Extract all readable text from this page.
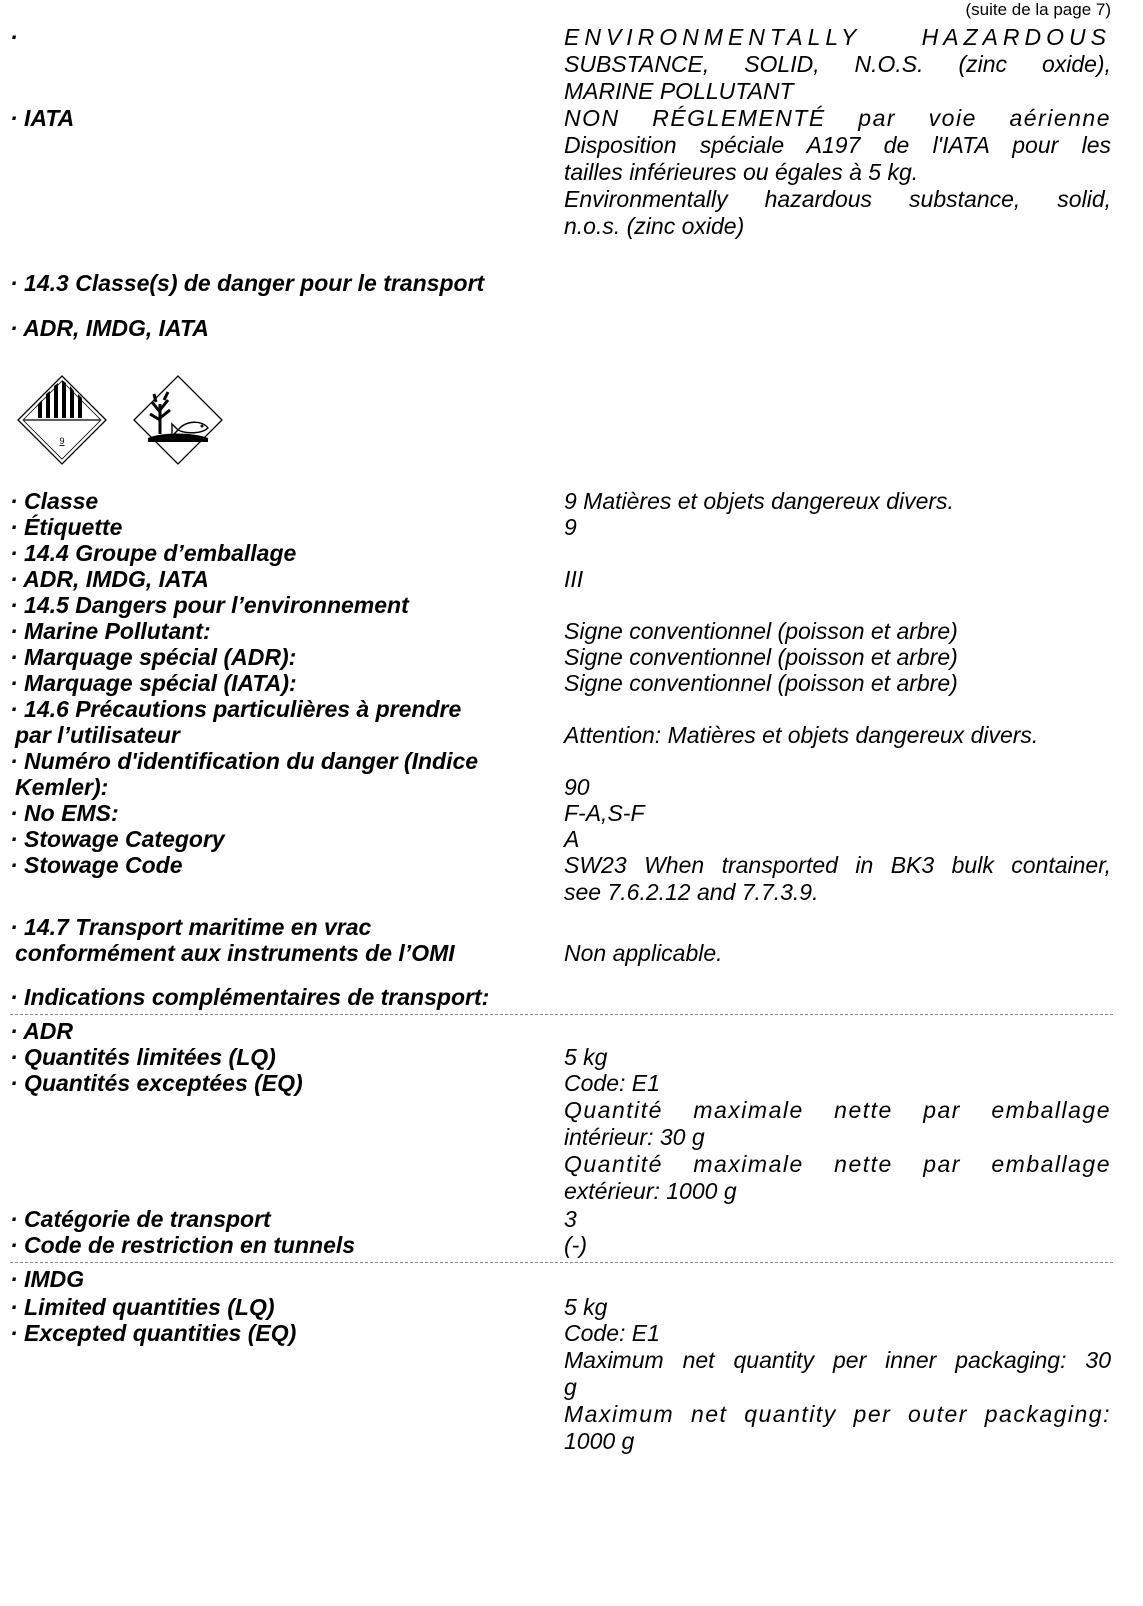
(suite de la page 7)
·	ENVIRONMENTALLY HAZARDOUS
SUBSTANCE, SOLID, N.O.S. (zinc oxide),
MARINE POLLUTANT
· IATA	NON RÉGLEMENTÉ par voie aérienne
Disposition spéciale A197 de l'IATA pour les
tailles inférieures ou égales à 5 kg.
Environmentally hazardous substance, solid,
n.o.s. (zinc oxide)
· 14.3 Classe(s) de danger pour le transport
· ADR, IMDG, IATA
9
· Classe	9 Matières et objets dangereux divers.
· Étiquette	9
· 14.4 Groupe d’emballage
· ADR, IMDG, IATA	III
· 14.5 Dangers pour l’environnement
· Marine Pollutant:	Signe conventionnel (poisson et arbre)
· Marquage spécial (ADR):	Signe conventionnel (poisson et arbre)
· Marquage spécial (IATA):	Signe conventionnel (poisson et arbre)
· 14.6 Précautions particulières à prendre
par l’utilisateur	Attention: Matières et objets dangereux divers.
· Numéro d'identification du danger (Indice
Kemler):	90
· No EMS:	F-A,S-F
· Stowage Category	A
· Stowage Code	SW23 When transported in BK3 bulk container,
see 7.6.2.12 and 7.7.3.9.
· 14.7 Transport maritime en vrac
conformément aux instruments de l’OMI	Non applicable.
· Indications complémentaires de transport:
· ADR
· Quantités limitées (LQ)	5 kg
· Quantités exceptées (EQ)	Code: E1
Quantité maximale nette par emballage
intérieur: 30 g
Quantité maximale nette par emballage
extérieur: 1000 g
· Catégorie de transport	3
· Code de restriction en tunnels	(-)
· IMDG
· Limited quantities (LQ)	5 kg
· Excepted quantities (EQ)	Code: E1
Maximum net quantity per inner packaging: 30
g
Maximum net quantity per outer packaging:
1000 g
